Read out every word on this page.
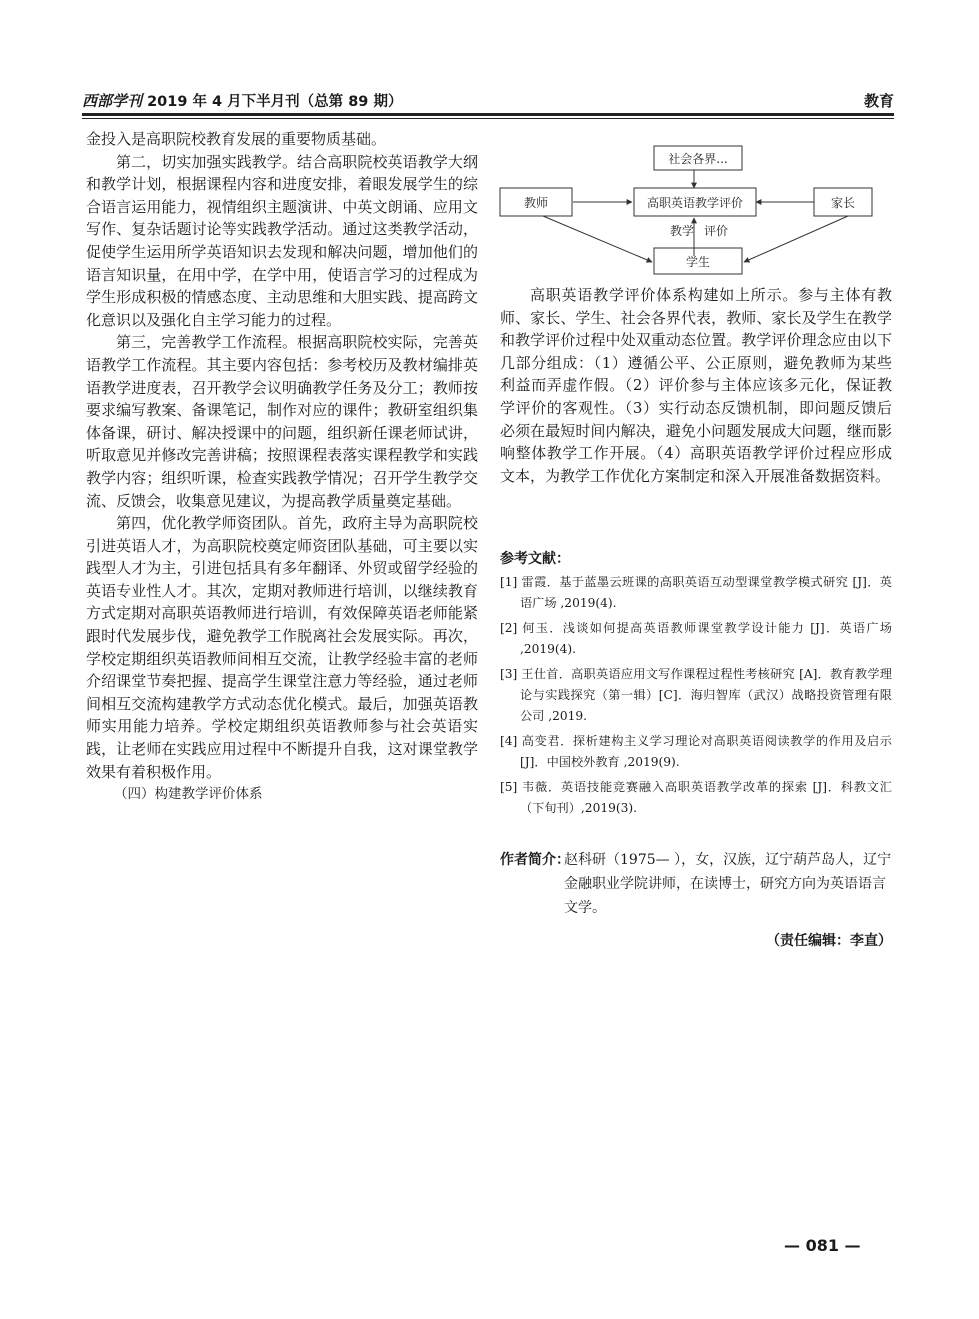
西部学刊 2019 年 4 月下半月刊（总第 89 期）	教育

金投入是高职院校教育发展的重要物质基础。

第二，切实加强实践教学。结合高职院校英语教学大纲和教学计划，根据课程内容和进度安排，着眼发展学生的综合语言运用能力，视情组织主题演讲、中英文朗诵、应用文写作、复杂话题讨论等实践教学活动。通过这类教学活动，促使学生运用所学英语知识去发现和解决问题，增加他们的语言知识量，在用中学，在学中用，使语言学习的过程成为学生形成积极的情感态度、主动思维和大胆实践、提高跨文化意识以及强化自主学习能力的过程。

第三，完善教学工作流程。根据高职院校实际，完善英语教学工作流程。其主要内容包括：参考校历及教材编排英语教学进度表，召开教学会议明确教学任务及分工；教师按要求编写教案、备课笔记，制作对应的课件；教研室组织集体备课，研讨、解决授课中的问题，组织新任课老师试讲，听取意见并修改完善讲稿；按照课程表落实课程教学和实践教学内容；组织听课，检查实践教学情况；召开学生教学交流、反馈会，收集意见建议，为提高教学质量奠定基础。

第四，优化教学师资团队。首先，政府主导为高职院校引进英语人才，为高职院校奠定师资团队基础，可主要以实践型人才为主，引进包括具有多年翻译、外贸或留学经验的英语专业性人才。其次，定期对教师进行培训，以继续教育方式定期对高职英语教师进行培训，有效保障英语老师能紧跟时代发展步伐，避免教学工作脱离社会发展实际。再次，学校定期组织英语教师间相互交流，让教学经验丰富的老师介绍课堂节奏把握、提高学生课堂注意力等经验，通过老师间相互交流构建教学方式动态优化模式。最后，加强英语教师实用能力培养。学校定期组织英语教师参与社会英语实践，让老师在实践应用过程中不断提升自我，这对课堂教学效果有着积极作用。

（四）构建教学评价体系

社会各界...
高职英语教学评价
教师	家长
学生
教学 评价

高职英语教学评价体系构建如上所示。参与主体有教师、家长、学生、社会各界代表，教师、家长及学生在教学和教学评价过程中处双重动态位置。教学评价理念应由以下几部分组成：（1）遵循公平、公正原则，避免教师为某些利益而弄虚作假。（2）评价参与主体应该多元化，保证教学评价的客观性。（3）实行动态反馈机制，即问题反馈后必须在最短时间内解决，避免小问题发展成大问题，继而影响整体教学工作开展。（4）高职英语教学评价过程应形成文本，为教学工作优化方案制定和深入开展准备数据资料。

参考文献：

[1] 雷霞．基于蓝墨云班课的高职英语互动型课堂教学模式研究 [J]．英语广场 ,2019(4).

[2] 何玉．浅谈如何提高英语教师课堂教学设计能力 [J]．英语广场 ,2019(4).

[3] 王仕首．高职英语应用文写作课程过程性考核研究 [A]．教育教学理论与实践探究（第一辑）[C]．海归智库（武汉）战略投资管理有限公司 ,2019.

[4] 高变君．探析建构主义学习理论对高职英语阅读教学的作用及启示 [J]．中国校外教育 ,2019(9).

[5] 韦薇．英语技能竞赛融入高职英语教学改革的探索 [J]．科教文汇（下旬刊）,2019(3).

作者简介：
赵科研（1975— ），女，汉族，辽宁葫芦岛人，辽宁金融职业学院讲师，在读博士，研究方向为英语语言文学。
（责任编辑：李直）
— 081 —
